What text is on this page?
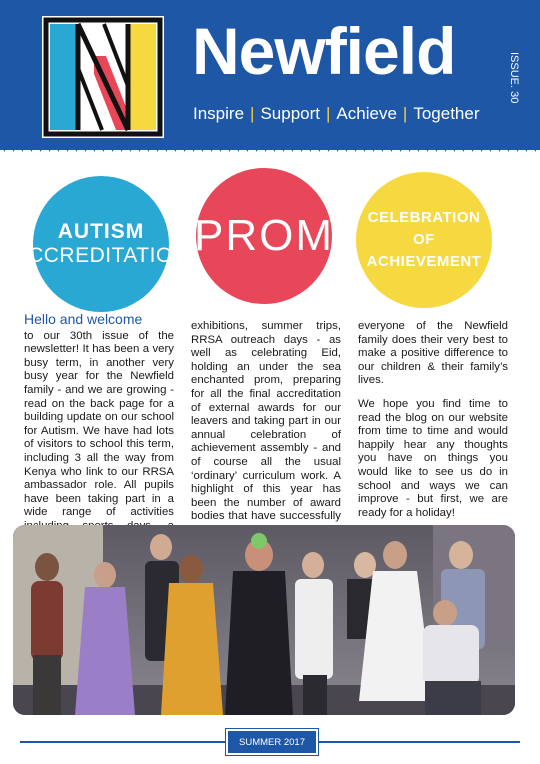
Newfield
Inspire | Support | Achieve | Together
ISSUE. 30
AUTISM
ACCREDITATION PROM CELEBRATION
OF
ACHIEVEMENT
Hello and welcome

to our 30th issue of the newsletter! It has been a very busy term, in another very busy year for the Newfield family - and we are growing - read on the back page for a building update on our school for Autism. We have had lots of visitors to school this term, including 3 all the way from Kenya who link to our RRSA ambassador role. All pupils have been taking part in a wide range of activities

exhibitions, summer trips, RRSA outreach days - as well as celebrating Eid, holding an under the sea enchanted prom, preparing for all the final accreditation of external awards for our leavers and taking part in our annual celebration of achievement assembly - and of course all the usual ‘ordinary’ curriculum work. A highlight of this year has been the number of award bodies that have successfully

everyone of the Newfield family does their very best to make a positive difference to our children & their family’s lives.

We hope you find time to read the blog on our website from time to time and would happily hear any thoughts you have on things you would like to see us do in school and ways we can improve - but first, we are ready for a holiday!

SUMMER 2017
